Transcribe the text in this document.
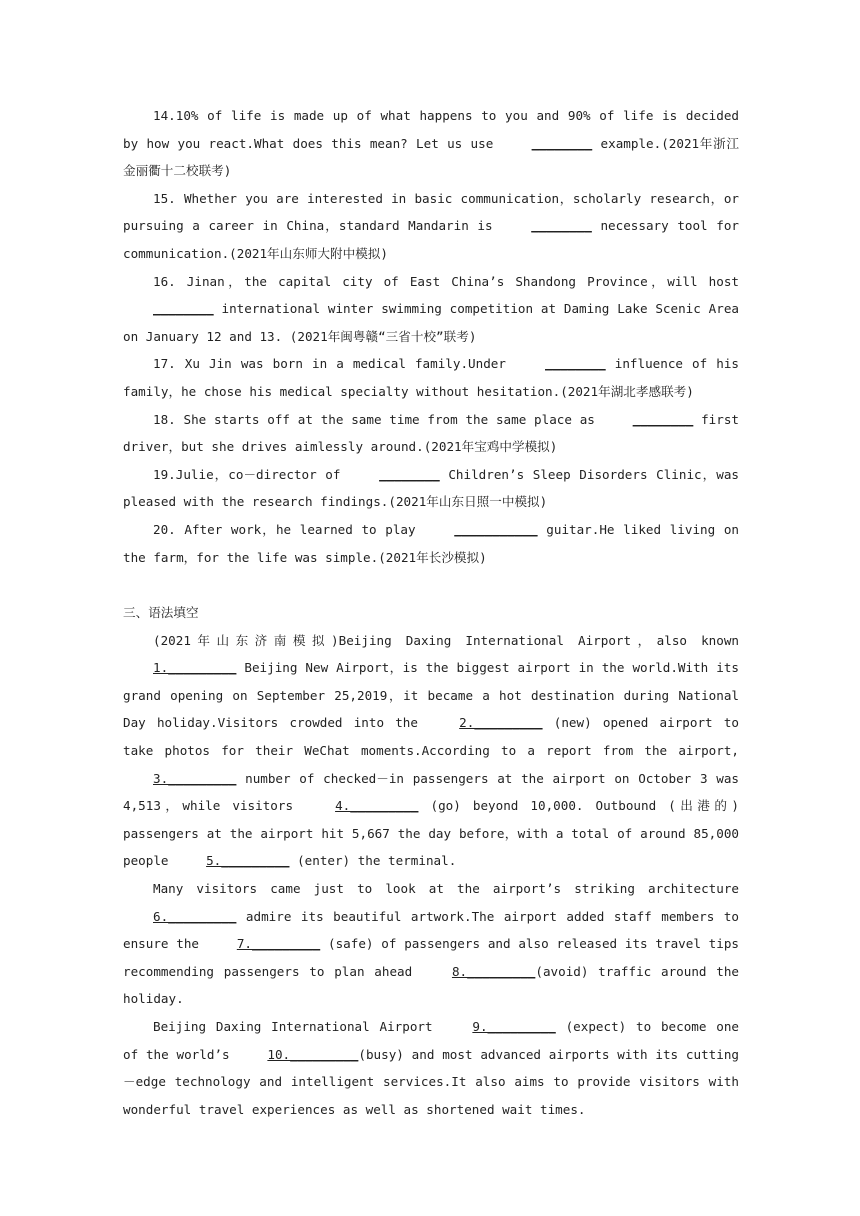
14.10% of life is made up of what happens to you and 90% of life is decided by how you react.What does this mean? Let us use ________ example.(2021年浙江金丽衢十二校联考)

15. Whether you are interested in basic communication，scholarly research，or pursuing a career in China，standard Mandarin is ________ necessary tool for communication.(2021年山东师大附中模拟)

16. Jinan，the capital city of East China’s Shandong Province，will host ________ international winter swimming competition at Daming Lake Scenic Area on January 12 and 13. (2021年闽粤赣“三省十校”联考)

17. Xu Jin was born in a medical family.Under ________ influence of his family，he chose his medical specialty without hesitation.(2021年湖北孝感联考)

18. She starts off at the same time from the same place as ________ first driver，but she drives aimlessly around.(2021年宝鸡中学模拟)

19.Julie，co－director of ________ Children’s Sleep Disorders Clinic，was pleased with the research findings.(2021年山东日照一中模拟)

20. After work，he learned to play ___________ guitar.He liked living on the farm，for the life was simple.(2021年长沙模拟)

三、语法填空

(2021年山东济南模拟)Beijing Daxing International Airport，also known 1._________ Beijing New Airport，is the biggest airport in the world.With its grand opening on September 25,2019，it became a hot destination during National Day holiday.Visitors crowded into the 2._________ (new) opened airport to take photos for their WeChat moments.According to a report from the airport,3._________ number of checked－in passengers at the airport on October 3 was 4,513，while visitors 4._________ (go) beyond 10,000. Outbound (出港的) passengers at the airport hit 5,667 the day before，with a total of around 85,000 people 5._________ (enter) the terminal.

Many visitors came just to look at the airport’s striking architecture 6._________ admire its beautiful artwork.The airport added staff members to ensure the 7._________ (safe) of passengers and also released its travel tips recommending passengers to plan ahead 8._________(avoid) traffic around the holiday.

Beijing Daxing International Airport 9._________ (expect) to become one of the world’s 10._________(busy) and most advanced airports with its cutting－edge technology and intelligent services.It also aims to provide visitors with wonderful travel experiences as well as shortened wait times.
